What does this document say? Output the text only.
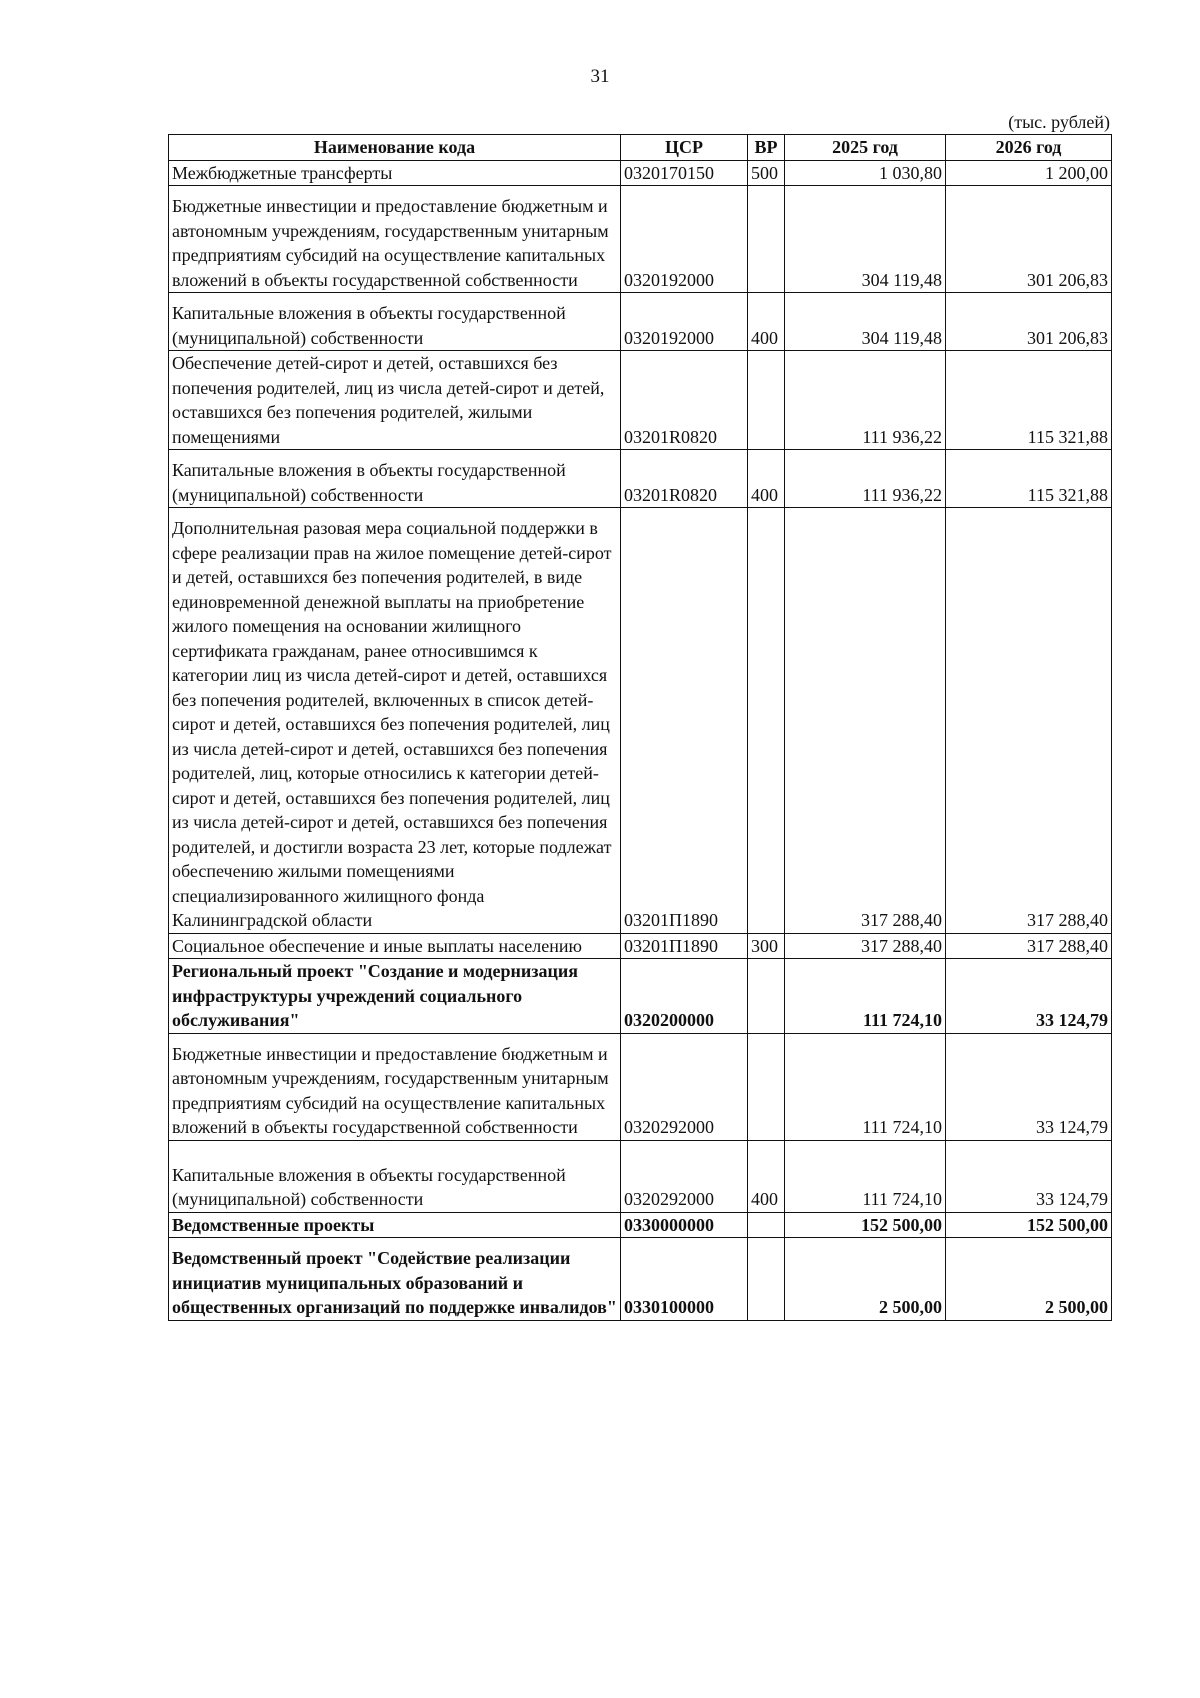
31
(тыс. рублей)
Наименование кода	ЦСР	ВР	2025 год	2026 год
Межбюджетные трансферты	0320170150	500	1 030,80	1 200,00
Бюджетные инвестиции и предоставление бюджетным и автономным учреждениям, государственным унитарным предприятиям субсидий на осуществление капитальных вложений в объекты государственной собственности	0320192000		304 119,48	301 206,83
Капитальные вложения в объекты государственной (муниципальной) собственности	0320192000	400	304 119,48	301 206,83
Обеспечение детей-сирот и детей, оставшихся без попечения родителей, лиц из числа детей-сирот и детей, оставшихся без попечения родителей, жилыми помещениями	03201R0820		111 936,22	115 321,88
Капитальные вложения в объекты государственной (муниципальной) собственности	03201R0820	400	111 936,22	115 321,88
Дополнительная разовая мера социальной поддержки в сфере реализации прав на жилое помещение детей-сирот и детей, оставшихся без попечения родителей, в виде единовременной денежной выплаты на приобретение жилого помещения на основании жилищного сертификата гражданам, ранее относившимся к категории лиц из числа детей-сирот и детей, оставшихся без попечения родителей, включенных в список детей-сирот и детей, оставшихся без попечения родителей, лиц из числа детей-сирот и детей, оставшихся без попечения родителей, лиц, которые относились к категории детей-сирот и детей, оставшихся без попечения родителей, лиц из числа детей-сирот и детей, оставшихся без попечения родителей, и достигли возраста 23 лет, которые подлежат обеспечению жилыми помещениями специализированного жилищного фонда Калининградской области	03201П1890		317 288,40	317 288,40
Социальное обеспечение и иные выплаты населению	03201П1890	300	317 288,40	317 288,40
Региональный проект "Создание и модернизация инфраструктуры учреждений социального обслуживания"	0320200000		111 724,10	33 124,79
Бюджетные инвестиции и предоставление бюджетным и автономным учреждениям, государственным унитарным предприятиям субсидий на осуществление капитальных вложений в объекты государственной собственности	0320292000		111 724,10	33 124,79
Капитальные вложения в объекты государственной (муниципальной) собственности	0320292000	400	111 724,10	33 124,79
Ведомственные проекты	0330000000		152 500,00	152 500,00
Ведомственный проект "Содействие реализации инициатив муниципальных образований и общественных организаций по поддержке инвалидов"	0330100000		2 500,00	2 500,00
